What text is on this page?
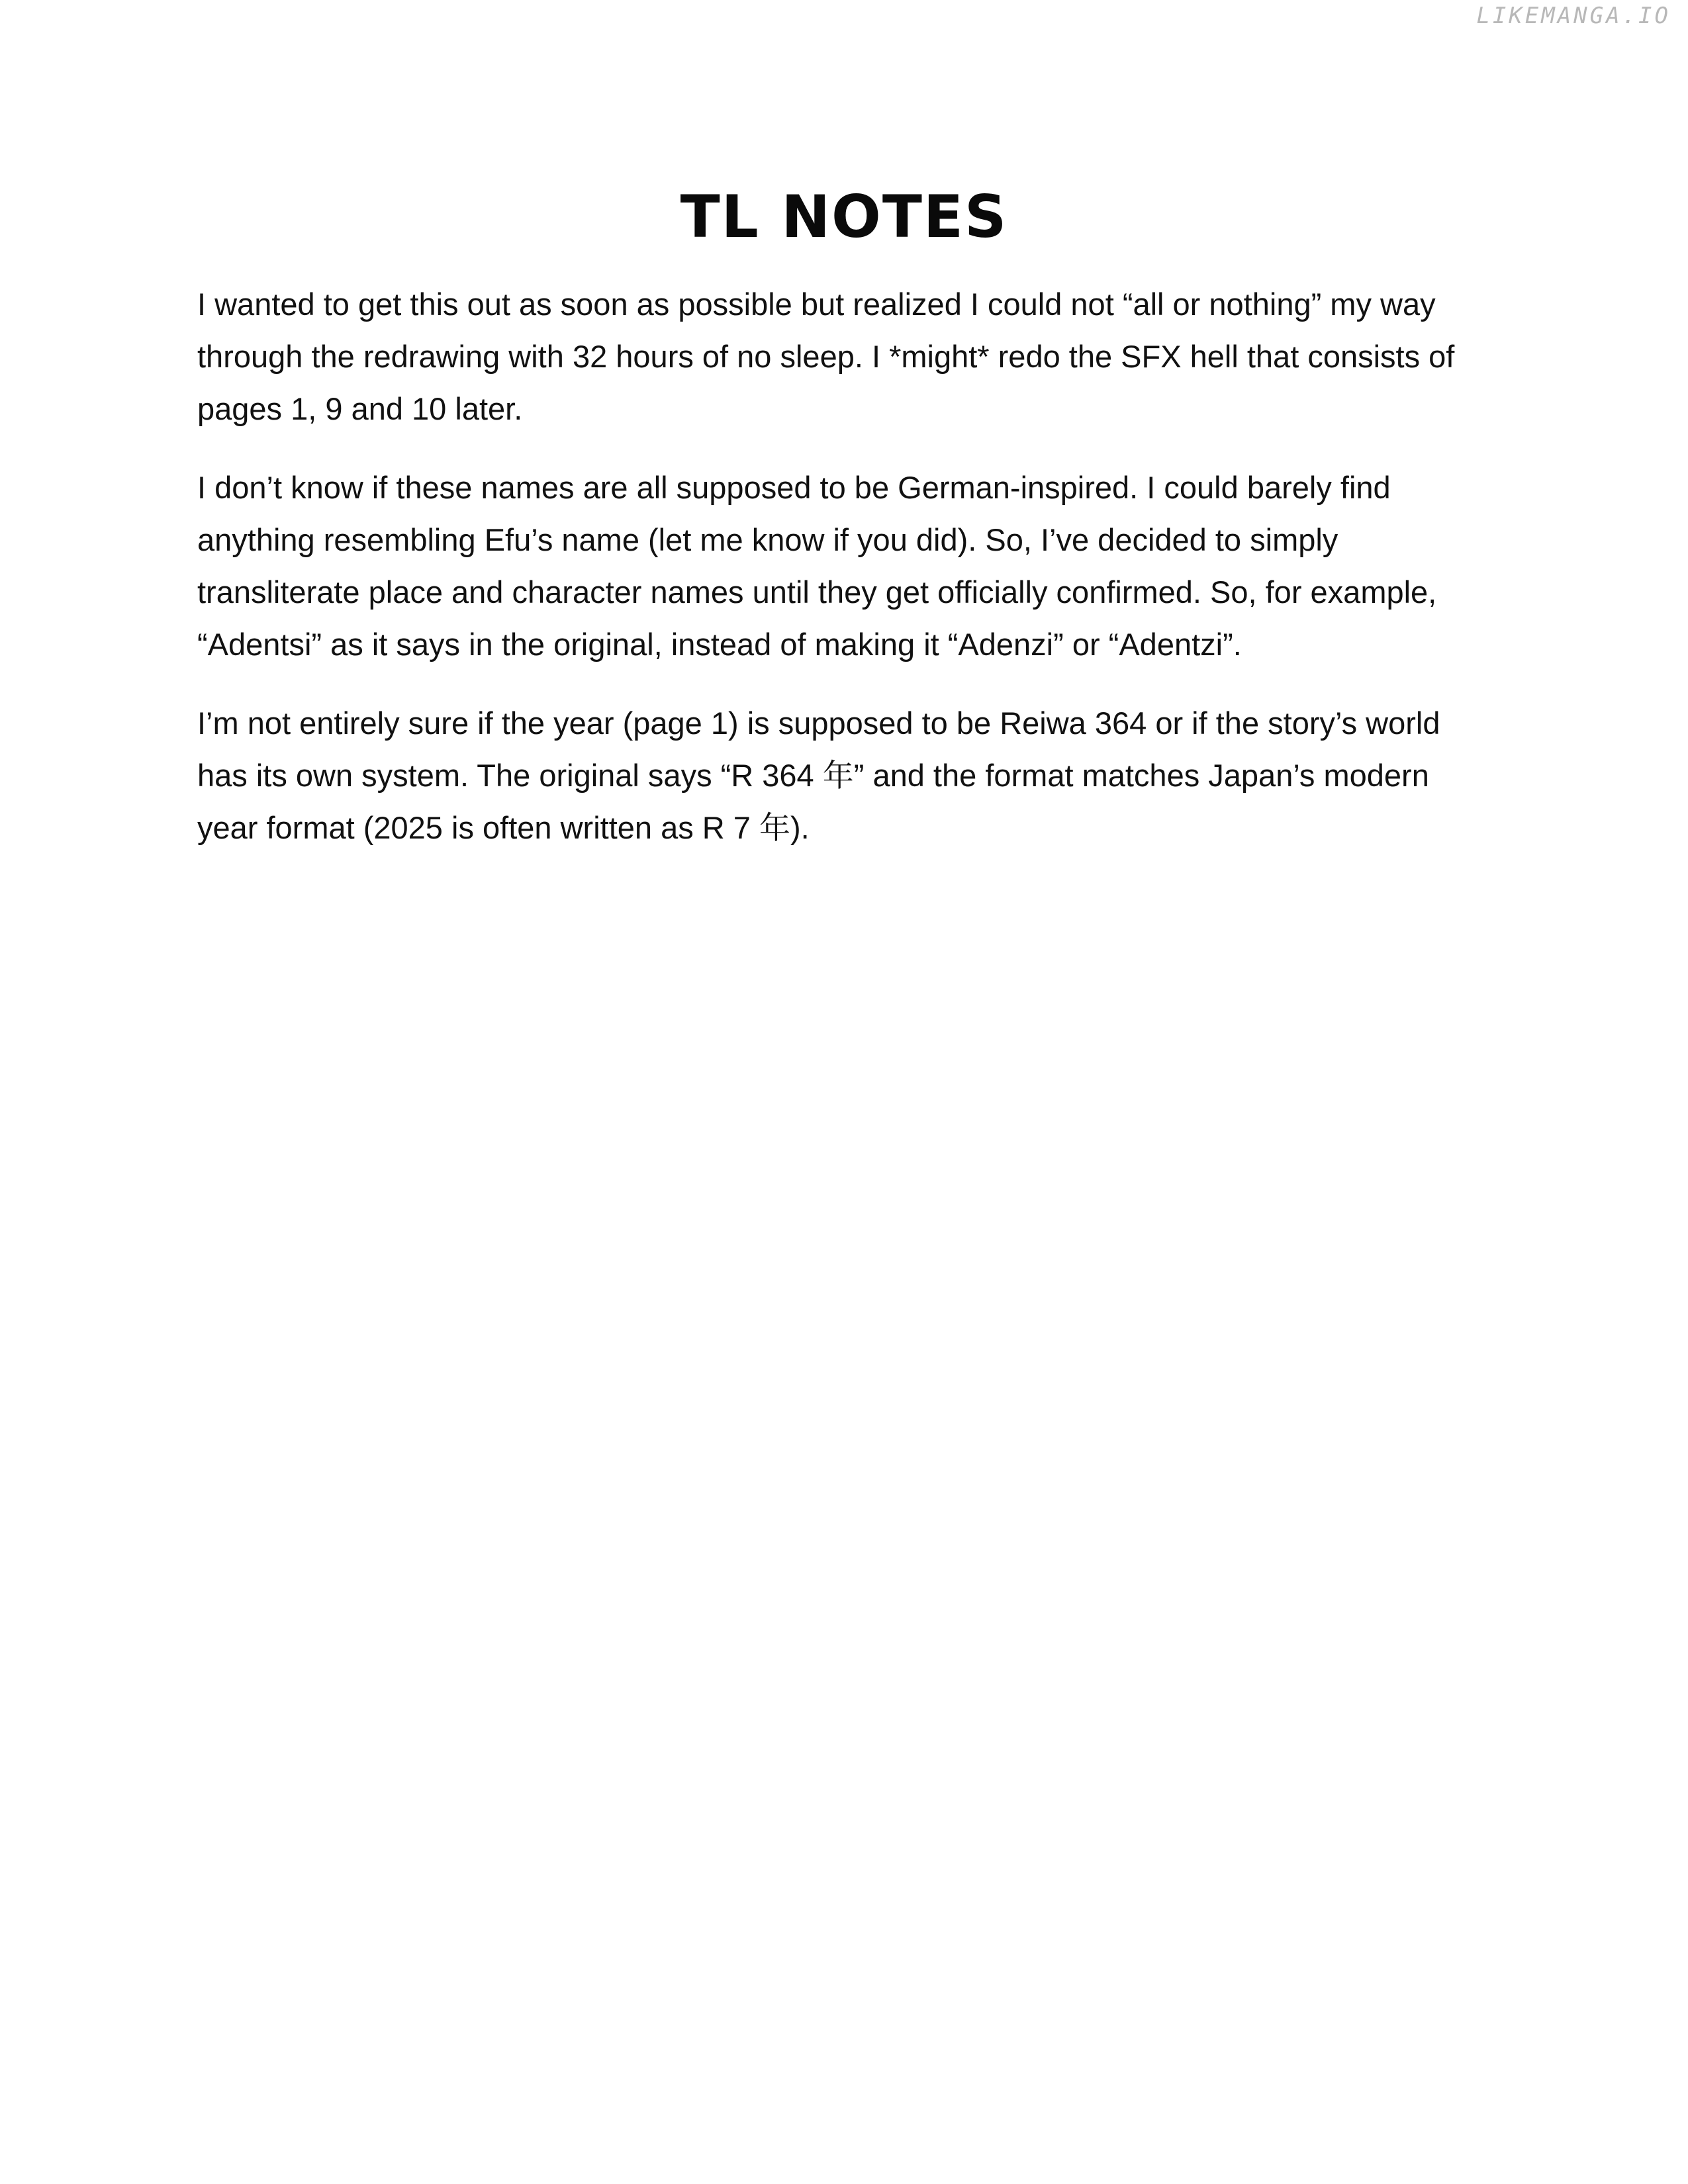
LIKEMANGA.IO
TL NOTES

I wanted to get this out as soon as possible but realized I could not “all or nothing” my way through the redrawing with 32 hours of no sleep. I *might* redo the SFX hell that consists of pages 1, 9 and 10 later.

I don’t know if these names are all supposed to be German-inspired. I could barely find anything resembling Efu’s name (let me know if you did). So, I’ve decided to simply transliterate place and character names until they get officially confirmed. So, for example, “Adentsi” as it says in the original, instead of making it “Adenzi” or “Adentzi”.

I’m not entirely sure if the year (page 1) is supposed to be Reiwa 364 or if the story’s world has its own system. The original says “R 364 年” and the format matches Japan’s modern year format (2025 is often written as R 7 年).
